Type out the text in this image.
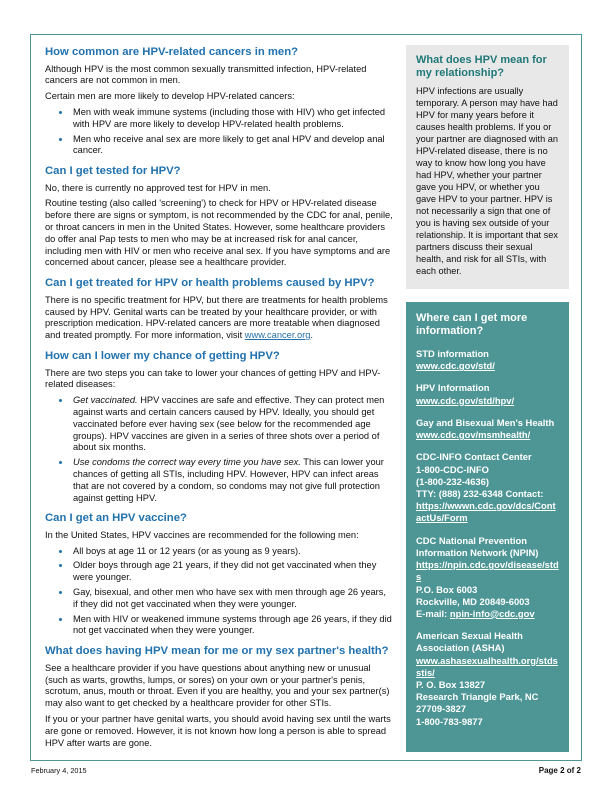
How common are HPV-related cancers in men?

Although HPV is the most common sexually transmitted infection, HPV-related cancers are not common in men.

Certain men are more likely to develop HPV-related cancers:

• Men with weak immune systems (including those with HIV) who get infected with HPV are more likely to develop HPV-related health problems.
• Men who receive anal sex are more likely to get anal HPV and develop anal cancer.
Can I get tested for HPV?

No, there is currently no approved test for HPV in men.

Routine testing (also called 'screening') to check for HPV or HPV-related disease before there are signs or symptom, is not recommended by the CDC for anal, penile, or throat cancers in men in the United States. However, some healthcare providers do offer anal Pap tests to men who may be at increased risk for anal cancer, including men with HIV or men who receive anal sex. If you have symptoms and are concerned about cancer, please see a healthcare provider.

Can I get treated for HPV or health problems caused by HPV?

There is no specific treatment for HPV, but there are treatments for health problems caused by HPV. Genital warts can be treated by your healthcare provider, or with prescription medication. HPV-related cancers are more treatable when diagnosed and treated promptly. For more information, visit www.cancer.org.

How can I lower my chance of getting HPV?

There are two steps you can take to lower your chances of getting HPV and HPV-related diseases:

• Get vaccinated. HPV vaccines are safe and effective. They can protect men against warts and certain cancers caused by HPV. Ideally, you should get vaccinated before ever having sex (see below for the recommended age groups). HPV vaccines are given in a series of three shots over a period of about six months.
• Use condoms the correct way every time you have sex. This can lower your chances of getting all STIs, including HPV. However, HPV can infect areas that are not covered by a condom, so condoms may not give full protection against getting HPV.
Can I get an HPV vaccine?

In the United States, HPV vaccines are recommended for the following men:

• All boys at age 11 or 12 years (or as young as 9 years).
• Older boys through age 21 years, if they did not get vaccinated when they were younger.
• Gay, bisexual, and other men who have sex with men through age 26 years, if they did not get vaccinated when they were younger.
• Men with HIV or weakened immune systems through age 26 years, if they did not get vaccinated when they were younger.
What does having HPV mean for me or my sex partner's health?

See a healthcare provider if you have questions about anything new or unusual (such as warts, growths, lumps, or sores) on your own or your partner's penis, scrotum, anus, mouth or throat. Even if you are healthy, you and your sex partner(s) may also want to get checked by a healthcare provider for other STIs.

If you or your partner have genital warts, you should avoid having sex until the warts are gone or removed. However, it is not known how long a person is able to spread HPV after warts are gone.

What does HPV mean for my relationship?

HPV infections are usually temporary. A person may have had HPV for many years before it causes health problems. If you or your partner are diagnosed with an HPV-related disease, there is no way to know how long you have had HPV, whether your partner gave you HPV, or whether you gave HPV to your partner. HPV is not necessarily a sign that one of you is having sex outside of your relationship. It is important that sex partners discuss their sexual health, and risk for all STIs, with each other.

Where can I get more information?
STD information
www.cdc.gov/std/
HPV Information
www.cdc.gov/std/hpv/
Gay and Bisexual Men's Health
www.cdc.gov/msmhealth/
CDC-INFO Contact Center
1-800-CDC-INFO
(1-800-232-4636)
TTY: (888) 232-6348 Contact:
https://wwwn.cdc.gov/dcs/ContactUs/Form
CDC National Prevention Information Network (NPIN)
https://npin.cdc.gov/disease/stds
P.O. Box 6003
Rockville, MD 20849-6003
E-mail: npin-info@cdc.gov
American Sexual Health Association (ASHA)
www.ashasexualhealth.org/stdsstis/
P. O. Box 13827
Research Triangle Park, NC
27709-3827
1-800-783-9877
February 4, 2015	Page 2 of 2
